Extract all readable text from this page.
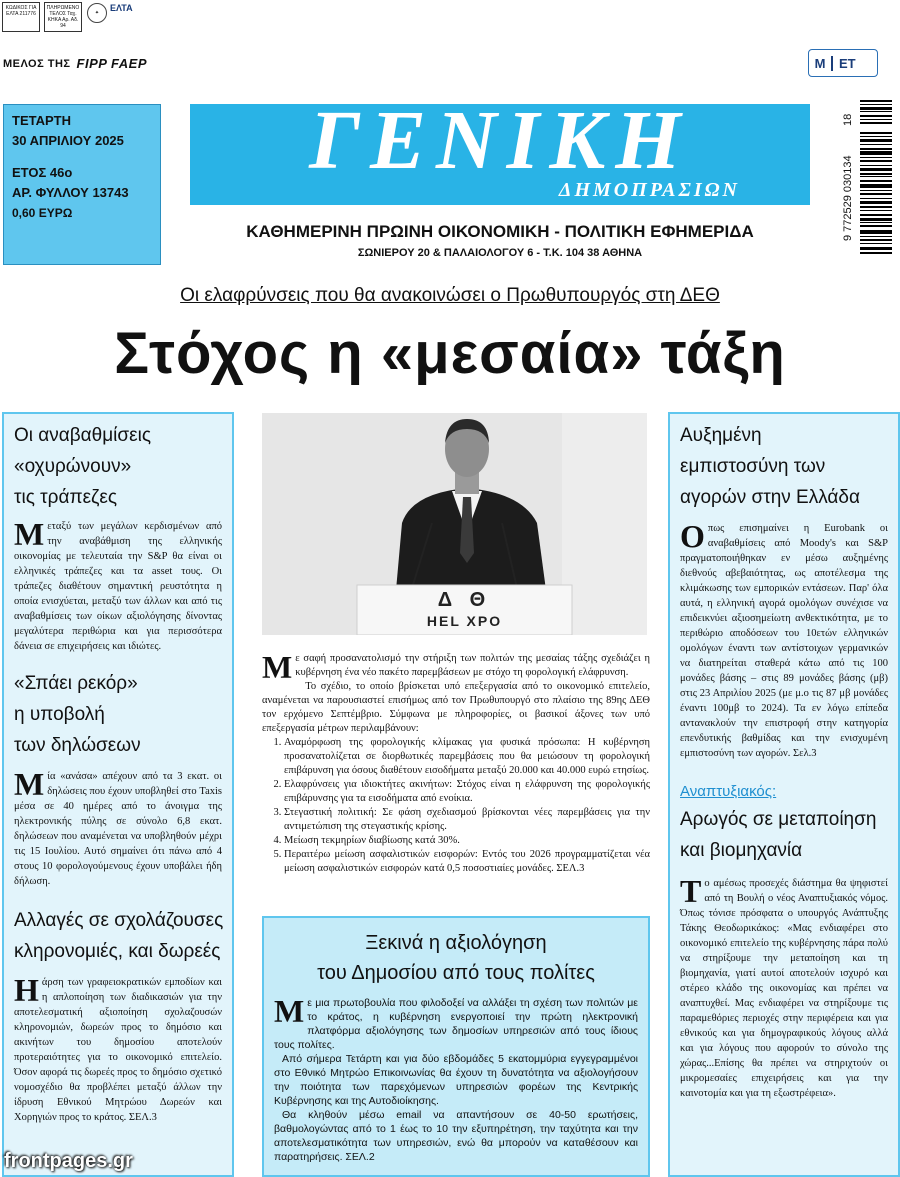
ΚΩΔΙΚΟΣ ΓΙΑ ΕΛΤΑ 211776
ΠΛΗΡΩΜΕΝΟ ΤΕΛΟΣ Ταχ. ΚΗΚΑ Αρ. Αδ. 94
✦	ΕΛΤΑ
ΜΕΛΟΣ ΤΗΣ FIPP FAEP	Μ	ΕΤ
ΤΕΤΑΡΤΗ
30 ΑΠΡΙΛΙΟΥ 2025
ΕΤΟΣ 46ο
ΑΡ. ΦΥΛΛΟΥ 13743
0,60 ΕΥΡΩ
ΓΕΝΙΚΗ
ΔΗΜΟΠΡΑΣΙΩΝ
ΚΑΘΗΜΕΡΙΝΗ ΠΡΩΙΝΗ ΟΙΚΟΝΟΜΙΚΗ - ΠΟΛΙΤΙΚΗ ΕΦΗΜΕΡΙΔΑ
ΣΩΝΙΕΡΟΥ 20 & ΠΑΛΑΙΟΛΟΓΟΥ 6 - Τ.Κ. 104 38 ΑΘΗΝΑ
18
9 772529 030134
Οι ελαφρύνσεις που θα ανακοινώσει ο Πρωθυπουργός στη ΔΕΘ
Στόχος η «μεσαία» τάξη
Οι αναβαθμίσεις
«οχυρώνουν»
τις τράπεζες
Μεταξύ των μεγάλων κερδισμένων από την αναβάθμιση της ελληνικής οικονομίας με τελευταία την S&P θα είναι οι ελληνικές τράπεζες και τα asset τους. Οι τράπεζες διαθέτουν σημαντική ρευστότητα η οποία ενισχύεται, μεταξύ των άλλων και από τις αναβαθμίσεις των οίκων αξιολόγησης δίνοντας μεγαλύτερα περιθώρια και για περισσότερα δάνεια σε επιχειρήσεις και ιδιώτες.
«Σπάει ρεκόρ»
η υποβολή
των δηλώσεων
Μία «ανάσα» απέχουν από τα 3 εκατ. οι δηλώσεις που έχουν υποβληθεί στο Taxis μέσα σε 40 ημέρες από το άνοιγμα της ηλεκτρονικής πύλης σε σύνολο 6,8 εκατ. δηλώσεων που αναμένεται να υποβληθούν μέχρι τις 15 Ιουλίου. Αυτό σημαίνει ότι πάνω από 4 στους 10 φορολογούμενους έχουν υποβάλει ήδη δήλωση.
Αλλαγές σε σχολάζουσες
κληρονομιές, και δωρεές
Ηάρση των γραφειοκρατικών εμποδίων και η απλοποίηση των διαδικασιών για την αποτελεσματική αξιοποίηση σχολαζουσών κληρονομιών, δωρεών προς το δημόσιο και ακινήτων του δημοσίου αποτελούν προτεραιότητες για το οικονομικό επιτελείο. Όσον αφορά τις δωρεές προς το δημόσιο σχετικό νομοσχέδιο θα προβλέπει μεταξύ άλλων την ίδρυση Εθνικού Μητρώου Δωρεών και Χορηγιών προς το κράτος. ΣΕΛ.3
Δ Θ
HEL XPO

Με σαφή προσανατολισμό την στήριξη των πολιτών της μεσαίας τάξης σχεδιάζει η κυβέρνηση ένα νέο πακέτο παρεμβάσεων με στόχο τη φορολογική ελάφρυνση.

Το σχέδιο, το οποίο βρίσκεται υπό επεξεργασία από το οικονομικό επιτελείο, αναμένεται να παρουσιαστεί επισήμως από τον Πρωθυπουργό στο πλαίσιο της 89ης ΔΕΘ τον ερχόμενο Σεπτέμβριο. Σύμφωνα με πληροφορίες, οι βασικοί άξονες των υπό επεξεργασία μέτρων περιλαμβάνουν:

1. Αναμόρφωση της φορολογικής κλίμακας για φυσικά πρόσωπα: Η κυβέρνηση προσανατολίζεται σε διορθωτικές παρεμβάσεις που θα μειώσουν τη φορολογική επιβάρυνση για όσους διαθέτουν εισοδήματα μεταξύ 20.000 και 40.000 ευρώ ετησίως.
2. Ελαφρύνσεις για ιδιοκτήτες ακινήτων: Στόχος είναι η ελάφρυνση της φορολογικής επιβάρυνσης για τα εισοδήματα από ενοίκια.
3. Στεγαστική πολιτική: Σε φάση σχεδιασμού βρίσκονται νέες παρεμβάσεις για την αντιμετώπιση της στεγαστικής κρίσης.
4. Μείωση τεκμηρίων διαβίωσης κατά 30%.
5. Περαιτέρω μείωση ασφαλιστικών εισφορών: Εντός του 2026 προγραμματίζεται νέα μείωση ασφαλιστικών εισφορών κατά 0,5 ποσοστιαίες μονάδες. ΣΕΛ.3
Ξεκινά η αξιολόγηση
του Δημοσίου από τους πολίτες

Με μια πρωτοβουλία που φιλοδοξεί να αλλάξει τη σχέση των πολιτών με το κράτος, η κυβέρνηση ενεργοποιεί την πρώτη ηλεκτρονική πλατφόρμα αξιολόγησης των δημοσίων υπηρεσιών από τους ίδιους τους πολίτες.

Από σήμερα Τετάρτη και για δύο εβδομάδες 5 εκατομμύρια εγγεγραμμένοι στο Εθνικό Μητρώο Επικοινωνίας θα έχουν τη δυνατότητα να αξιολογήσουν την ποιότητα των παρεχόμενων υπηρεσιών φορέων της Κεντρικής Κυβέρνησης και της Αυτοδιοίκησης.

Θα κληθούν μέσω email να απαντήσουν σε 40-50 ερωτήσεις, βαθμολογώντας από το 1 έως το 10 την εξυπηρέτηση, την ταχύτητα και την αποτελεσματικότητα των υπηρεσιών, ενώ θα μπορούν να καταθέσουν και παρατηρήσεις. ΣΕΛ.2

Αυξημένη
εμπιστοσύνη των
αγορών στην Ελλάδα
Οπως επισημαίνει η Eurobank οι αναβαθμίσεις από Moody's και S&P πραγματοποιήθηκαν εν μέσω αυξημένης διεθνούς αβεβαιότητας, ως αποτέλεσμα της κλιμάκωσης των εμπορικών εντάσεων. Παρ' όλα αυτά, η ελληνική αγορά ομολόγων συνέχισε να επιδεικνύει αξιοσημείωτη ανθεκτικότητα, με το περιθώριο αποδόσεων του 10ετών ελληνικών ομολόγων έναντι των αντίστοιχων γερμανικών να διατηρείται σταθερά κάτω από τις 100 μονάδες βάσης – στις 89 μονάδες βάσης (μβ) στις 23 Απριλίου 2025 (με μ.ο τις 87 μβ μονάδες έναντι 100μβ το 2024). Τα εν λόγω επίπεδα αντανακλούν την επιστροφή στην κατηγορία επενδυτικής βαθμίδας και την ενισχυμένη εμπιστοσύνη των αγορών. Σελ.3
Αναπτυξιακός:
Αρωγός σε μεταποίηση
και βιομηχανία
Το αμέσως προσεχές διάστημα θα ψηφιστεί από τη Βουλή ο νέος Αναπτυξιακός νόμος. Όπως τόνισε πρόσφατα ο υπουργός Ανάπτυξης Τάκης Θεοδωρικάκος: «Μας ενδιαφέρει στο οικονομικό επιτελείο της κυβέρνησης πάρα πολύ να στηρίξουμε την μεταποίηση και τη βιομηχανία, γιατί αυτοί αποτελούν ισχυρό και στέρεο κλάδο της οικονομίας και πρέπει να αναπτυχθεί. Μας ενδιαφέρει να στηρίξουμε τις παραμεθόριες περιοχές στην περιφέρεια και για εθνικούς και για δημογραφικούς λόγους αλλά και για λόγους που αφορούν το σύνολο της χώρας...Επίσης θα πρέπει να στηριχτούν οι μικρομεσαίες επιχειρήσεις και για την καινοτομία και για τη εξωστρέφεια».
frontpages.gr
